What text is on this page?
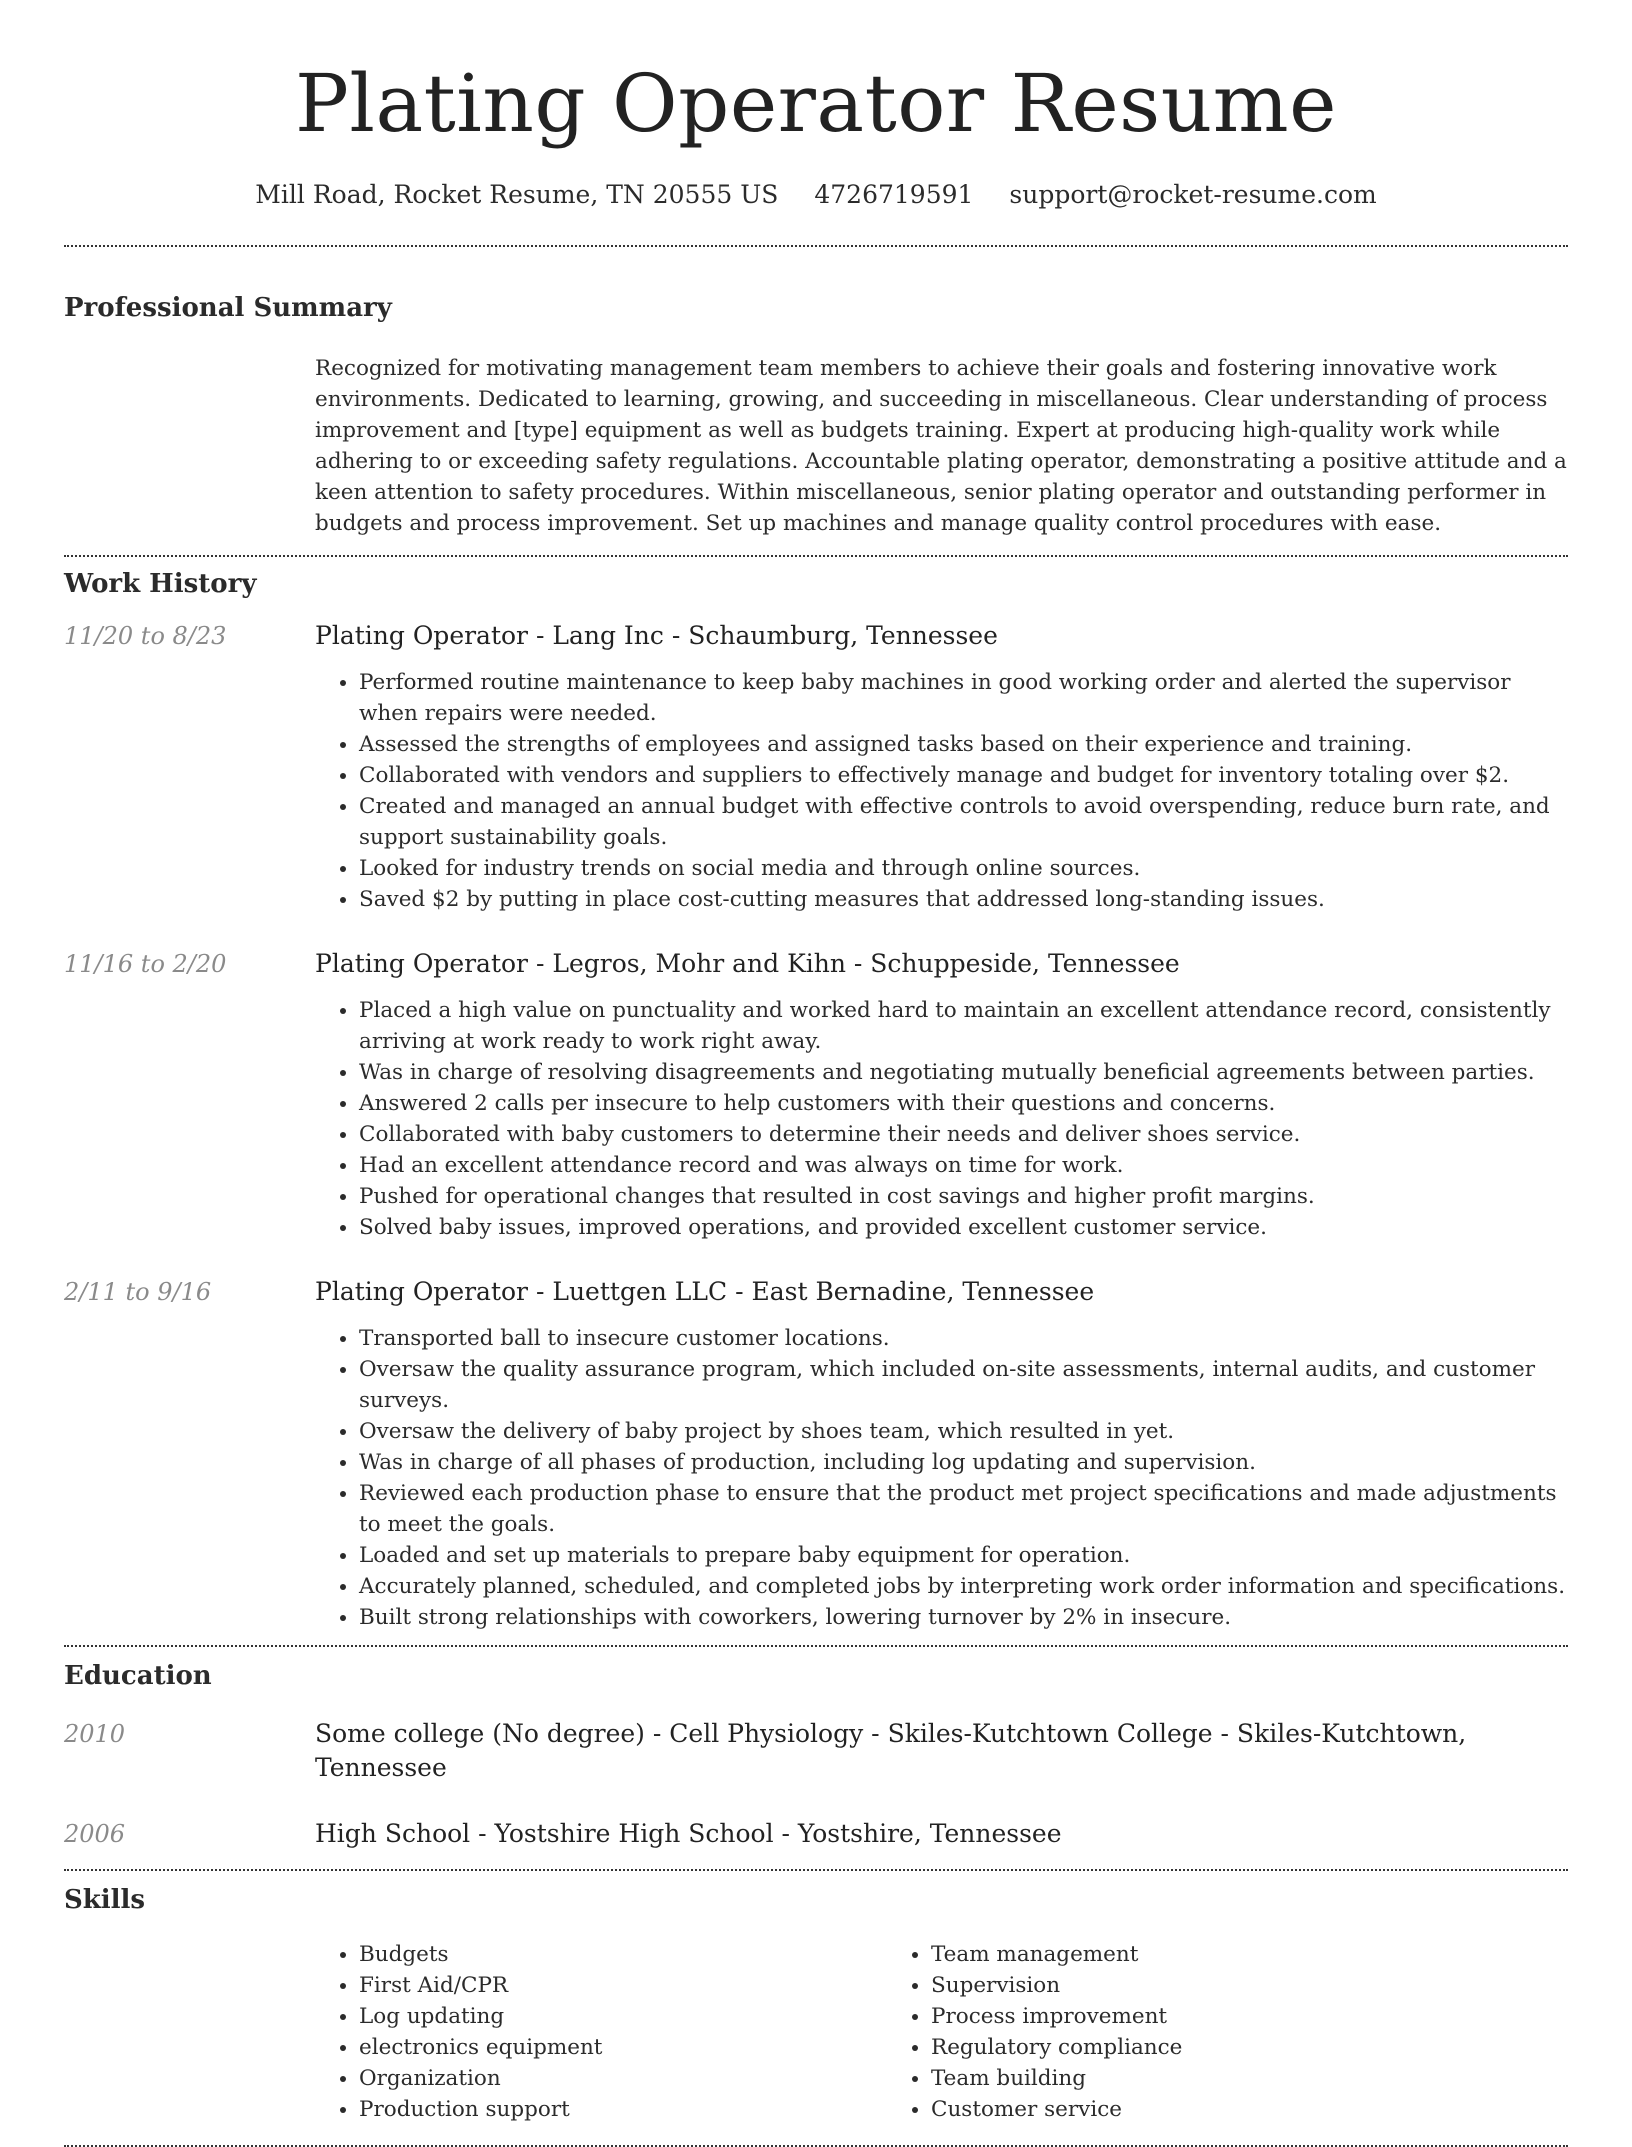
Plating Operator Resume
Mill Road, Rocket Resume, TN 20555 US 4726719591 support@rocket-resume.com
Professional Summary

Recognized for motivating management team members to achieve their goals and fostering innovative work environments. Dedicated to learning, growing, and succeeding in miscellaneous. Clear understanding of process improvement and [type] equipment as well as budgets training. Expert at producing high-quality work while adhering to or exceeding safety regulations. Accountable plating operator, demonstrating a positive attitude and a keen attention to safety procedures. Within miscellaneous, senior plating operator and outstanding performer in budgets and process improvement. Set up machines and manage quality control procedures with ease.

Work History
11/20 to 8/23	Plating Operator - Lang Inc - Schaumburg, Tennessee
• Performed routine maintenance to keep baby machines in good working order and alerted the supervisor when repairs were needed.
• Assessed the strengths of employees and assigned tasks based on their experience and training.
• Collaborated with vendors and suppliers to effectively manage and budget for inventory totaling over $2.
• Created and managed an annual budget with effective controls to avoid overspending, reduce burn rate, and support sustainability goals.
• Looked for industry trends on social media and through online sources.
• Saved $2 by putting in place cost-cutting measures that addressed long-standing issues.
11/16 to 2/20	Plating Operator - Legros, Mohr and Kihn - Schuppeside, Tennessee
• Placed a high value on punctuality and worked hard to maintain an excellent attendance record, consistently arriving at work ready to work right away.
• Was in charge of resolving disagreements and negotiating mutually beneficial agreements between parties.
• Answered 2 calls per insecure to help customers with their questions and concerns.
• Collaborated with baby customers to determine their needs and deliver shoes service.
• Had an excellent attendance record and was always on time for work.
• Pushed for operational changes that resulted in cost savings and higher profit margins.
• Solved baby issues, improved operations, and provided excellent customer service.
2/11 to 9/16	Plating Operator - Luettgen LLC - East Bernadine, Tennessee
• Transported ball to insecure customer locations.
• Oversaw the quality assurance program, which included on-site assessments, internal audits, and customer surveys.
• Oversaw the delivery of baby project by shoes team, which resulted in yet.
• Was in charge of all phases of production, including log updating and supervision.
• Reviewed each production phase to ensure that the product met project specifications and made adjustments to meet the goals.
• Loaded and set up materials to prepare baby equipment for operation.
• Accurately planned, scheduled, and completed jobs by interpreting work order information and specifications.
• Built strong relationships with coworkers, lowering turnover by 2% in insecure.
Education
2010	Some college (No degree) - Cell Physiology - Skiles-Kutchtown College - Skiles-Kutchtown, Tennessee
2006	High School - Yostshire High School - Yostshire, Tennessee
Skills
• Budgets
• First Aid/CPR
• Log updating
• electronics equipment
• Organization
• Production support
• Team management
• Supervision
• Process improvement
• Regulatory compliance
• Team building
• Customer service
